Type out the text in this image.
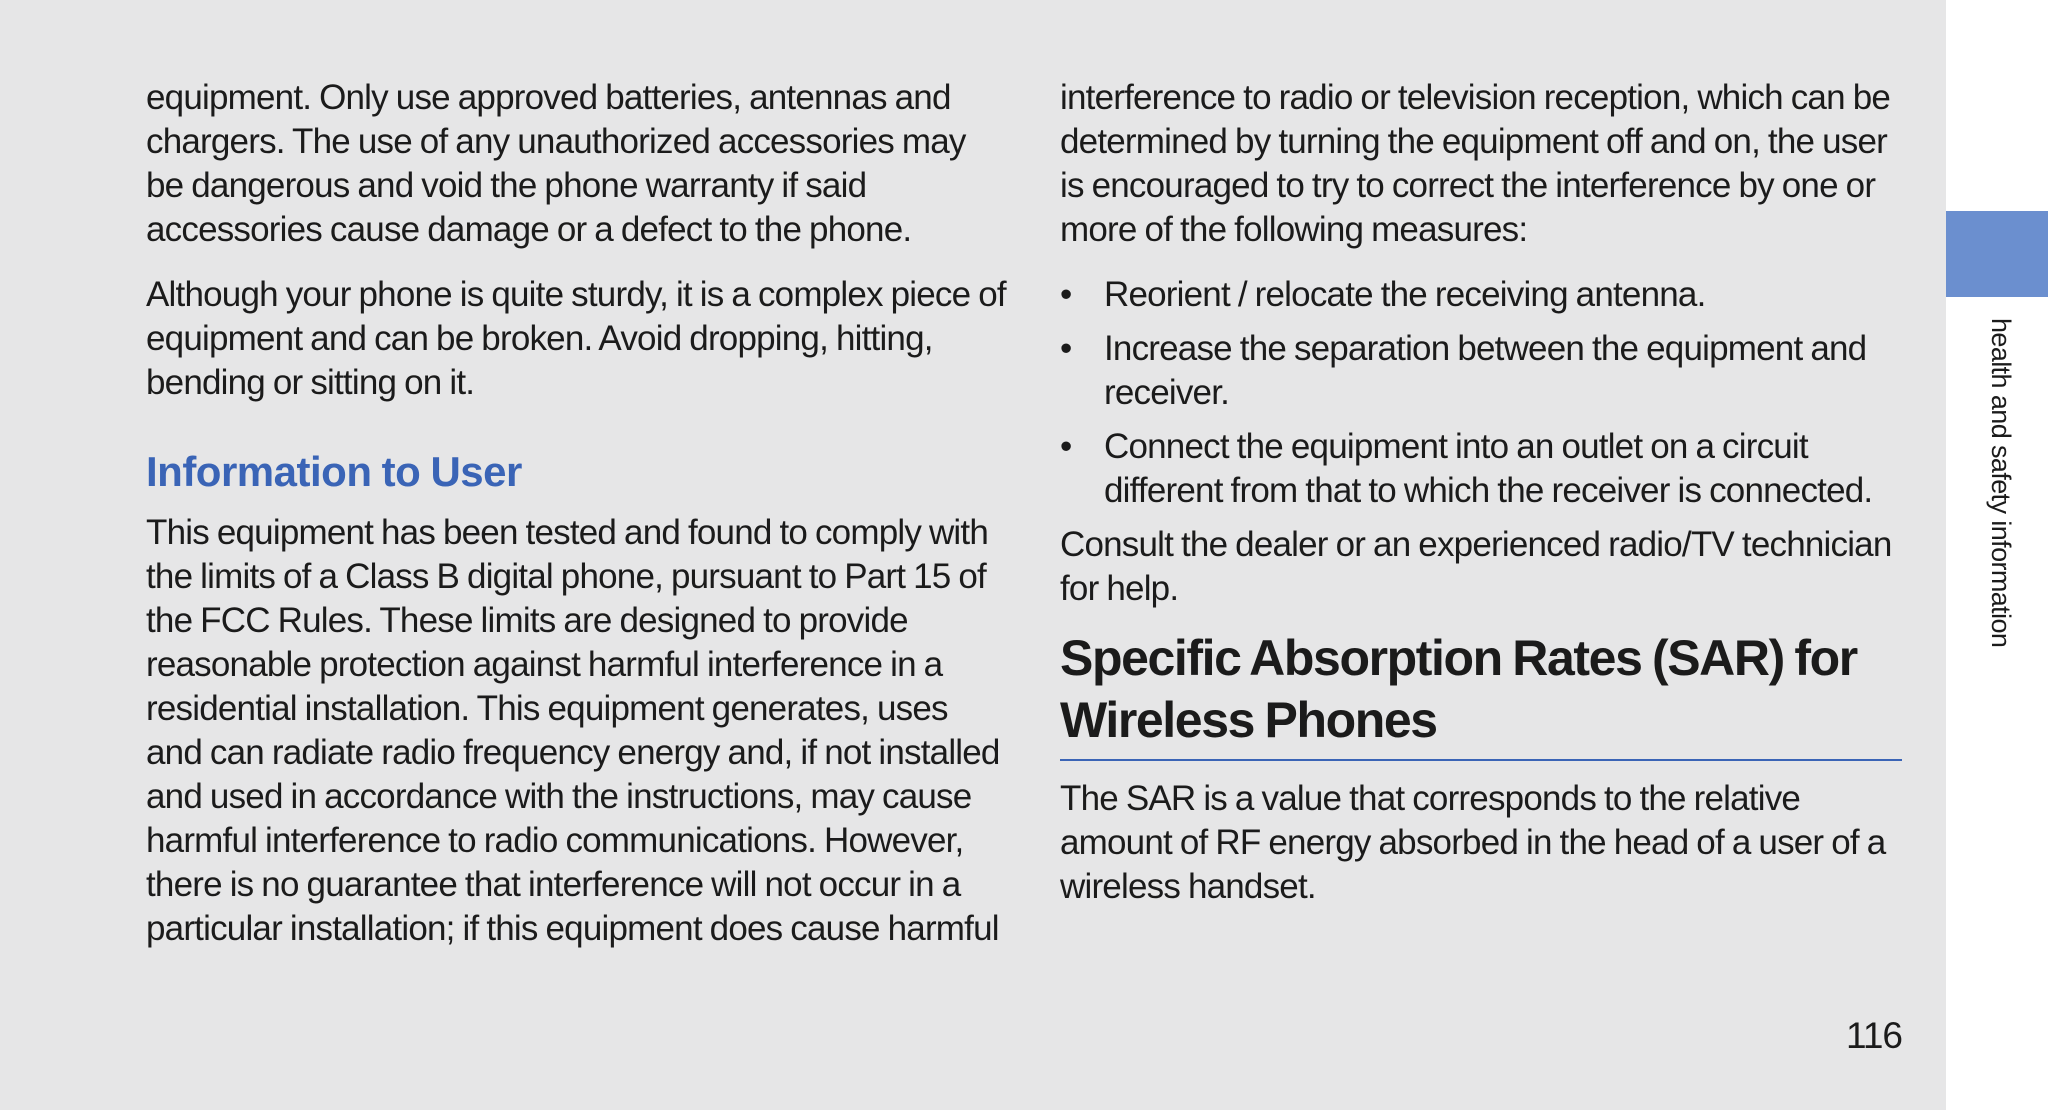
equipment. Only use approved batteries, antennas and chargers. The use of any unauthorized accessories may be dangerous and void the phone warranty if said accessories cause damage or a defect to the phone.

Although your phone is quite sturdy, it is a complex piece of equipment and can be broken. Avoid dropping, hitting, bending or sitting on it.

Information to User

This equipment has been tested and found to comply with the limits of a Class B digital phone, pursuant to Part 15 of the FCC Rules. These limits are designed to provide reasonable protection against harmful interference in a residential installation. This equipment generates, uses and can radiate radio frequency energy and, if not installed and used in accordance with the instructions, may cause harmful interference to radio communications. However, there is no guarantee that interference will not occur in a particular installation; if this equipment does cause harmful

interference to radio or television reception, which can be determined by turning the equipment off and on, the user is encouraged to try to correct the interference by one or more of the following measures:

• Reorient / relocate the receiving antenna.
• Increase the separation between the equipment and receiver.
• Connect the equipment into an outlet on a circuit different from that to which the receiver is connected.

Consult the dealer or an experienced radio/TV technician for help.

Specific Absorption Rates (SAR) for Wireless Phones

The SAR is a value that corresponds to the relative amount of RF energy absorbed in the head of a user of a wireless handset.

116
health and safety information
